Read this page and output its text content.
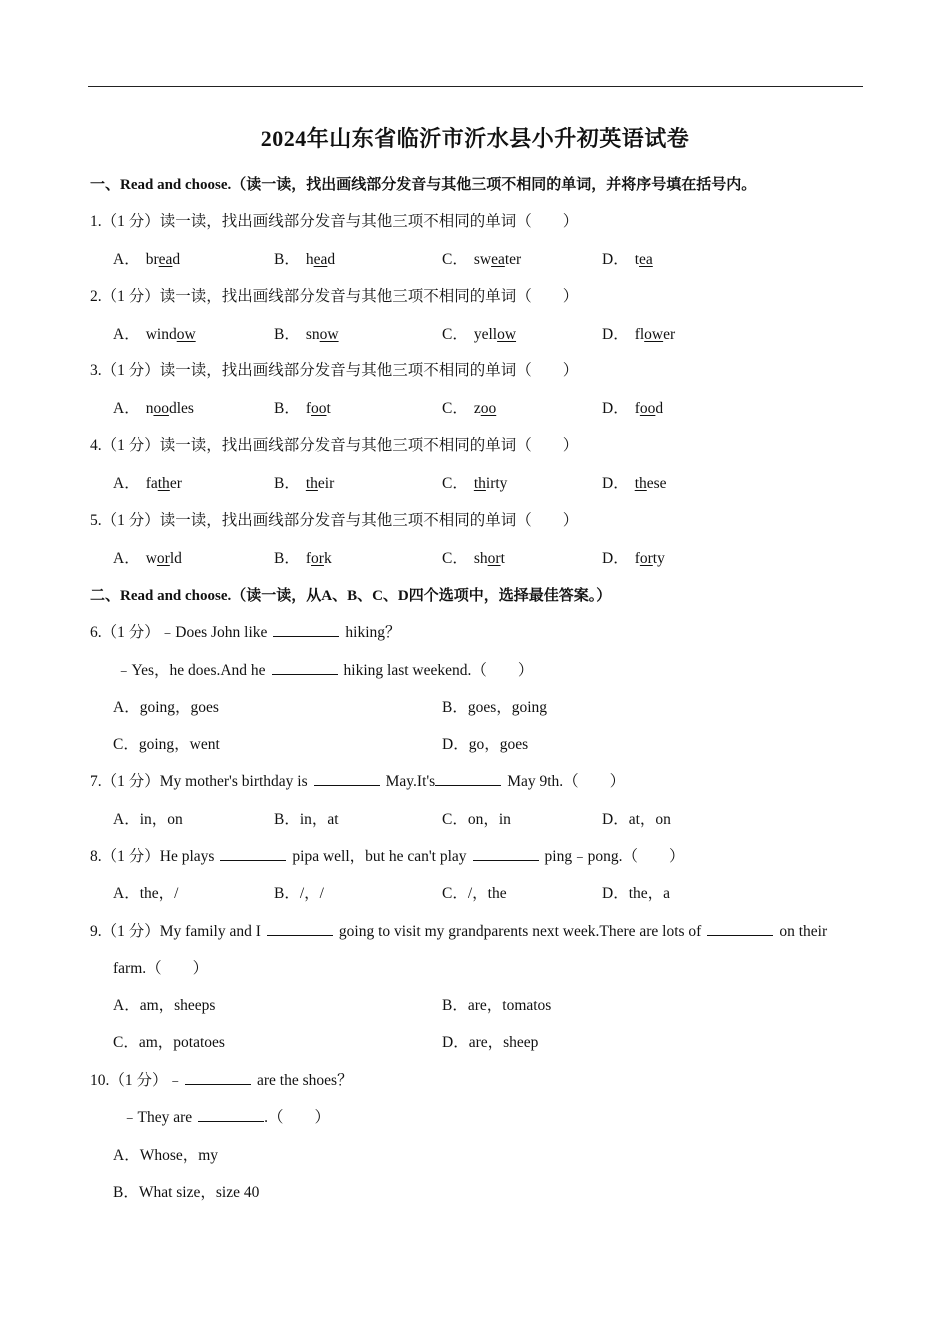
2024年山东省临沂市沂水县小升初英语试卷
一、Read and choose.（读一读，找出画线部分发音与其他三项不相同的单词，并将序号填在括号内。
1.（1 分）读一读，找出画线部分发音与其他三项不相同的单词（　　）
A． bread	B． head	C． sweater	D． tea
2.（1 分）读一读，找出画线部分发音与其他三项不相同的单词（　　）
A． window	B． snow	C． yellow	D． flower
3.（1 分）读一读，找出画线部分发音与其他三项不相同的单词（　　）
A． noodles	B． foot	C． zoo	D． food
4.（1 分）读一读，找出画线部分发音与其他三项不相同的单词（　　）
A． father	B． their	C． thirty	D． these
5.（1 分）读一读，找出画线部分发音与其他三项不相同的单词（　　）
A． world	B． fork	C． short	D． forty
二、Read and choose.（读一读，从A、B、C、D四个选项中，选择最佳答案。）
6.（1 分）﹣Does John like	hiking？
﹣Yes，he does.And he	hiking last weekend.（　　）
A．going，goes	B．goes，going
C．going，went	D．go，goes
7.（1 分）My mother's birthday is	May.It's	May 9th.（　　）
A．in，on	B．in，at	C．on，in	D．at，on
8.（1 分）He plays	pipa well，but he can't play	ping﹣pong.（　　）
A．the，/	B．/，/	C．/，the	D．the，a
9.（1 分）My family and I	going to visit my grandparents next week.There are lots of	on their
farm.（　　）
A．am，sheeps	B．are，tomatos
C．am，potatoes	D．are，sheep
10.（1 分）﹣	are the shoes？
﹣They are	.（　　）
A．Whose，my
B．What size，size 40
